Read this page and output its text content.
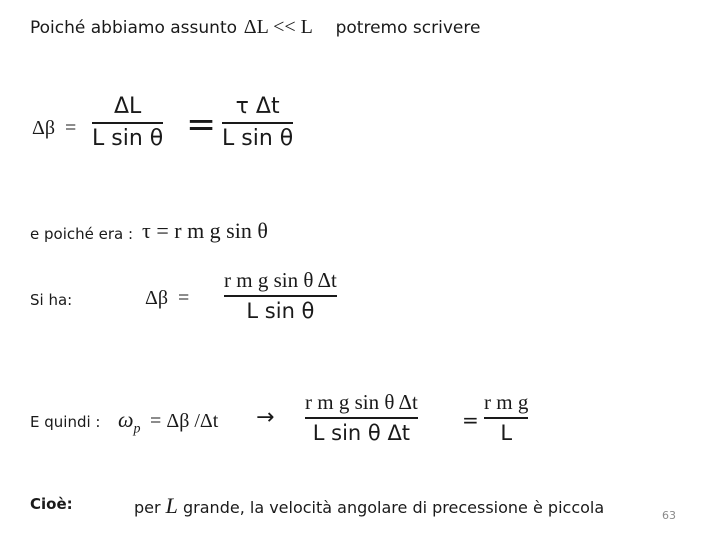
Poiché abbiamo assunto ΔL << L potremo scrivere
Δβ =
ΔL
L sin θ = τ Δt
L sin θ
e poiché era : τ = r m g sin θ
Si ha:	Δβ =
r m g sin θ Δt
L sin θ
E quindi : $\omega_p = \Delta\beta$ /Δt →
r m g sin θ Δt
L sin θ Δt
=
r m g
L
Cioè:	per L grande, la velocità angolare di precessione è piccola	63
